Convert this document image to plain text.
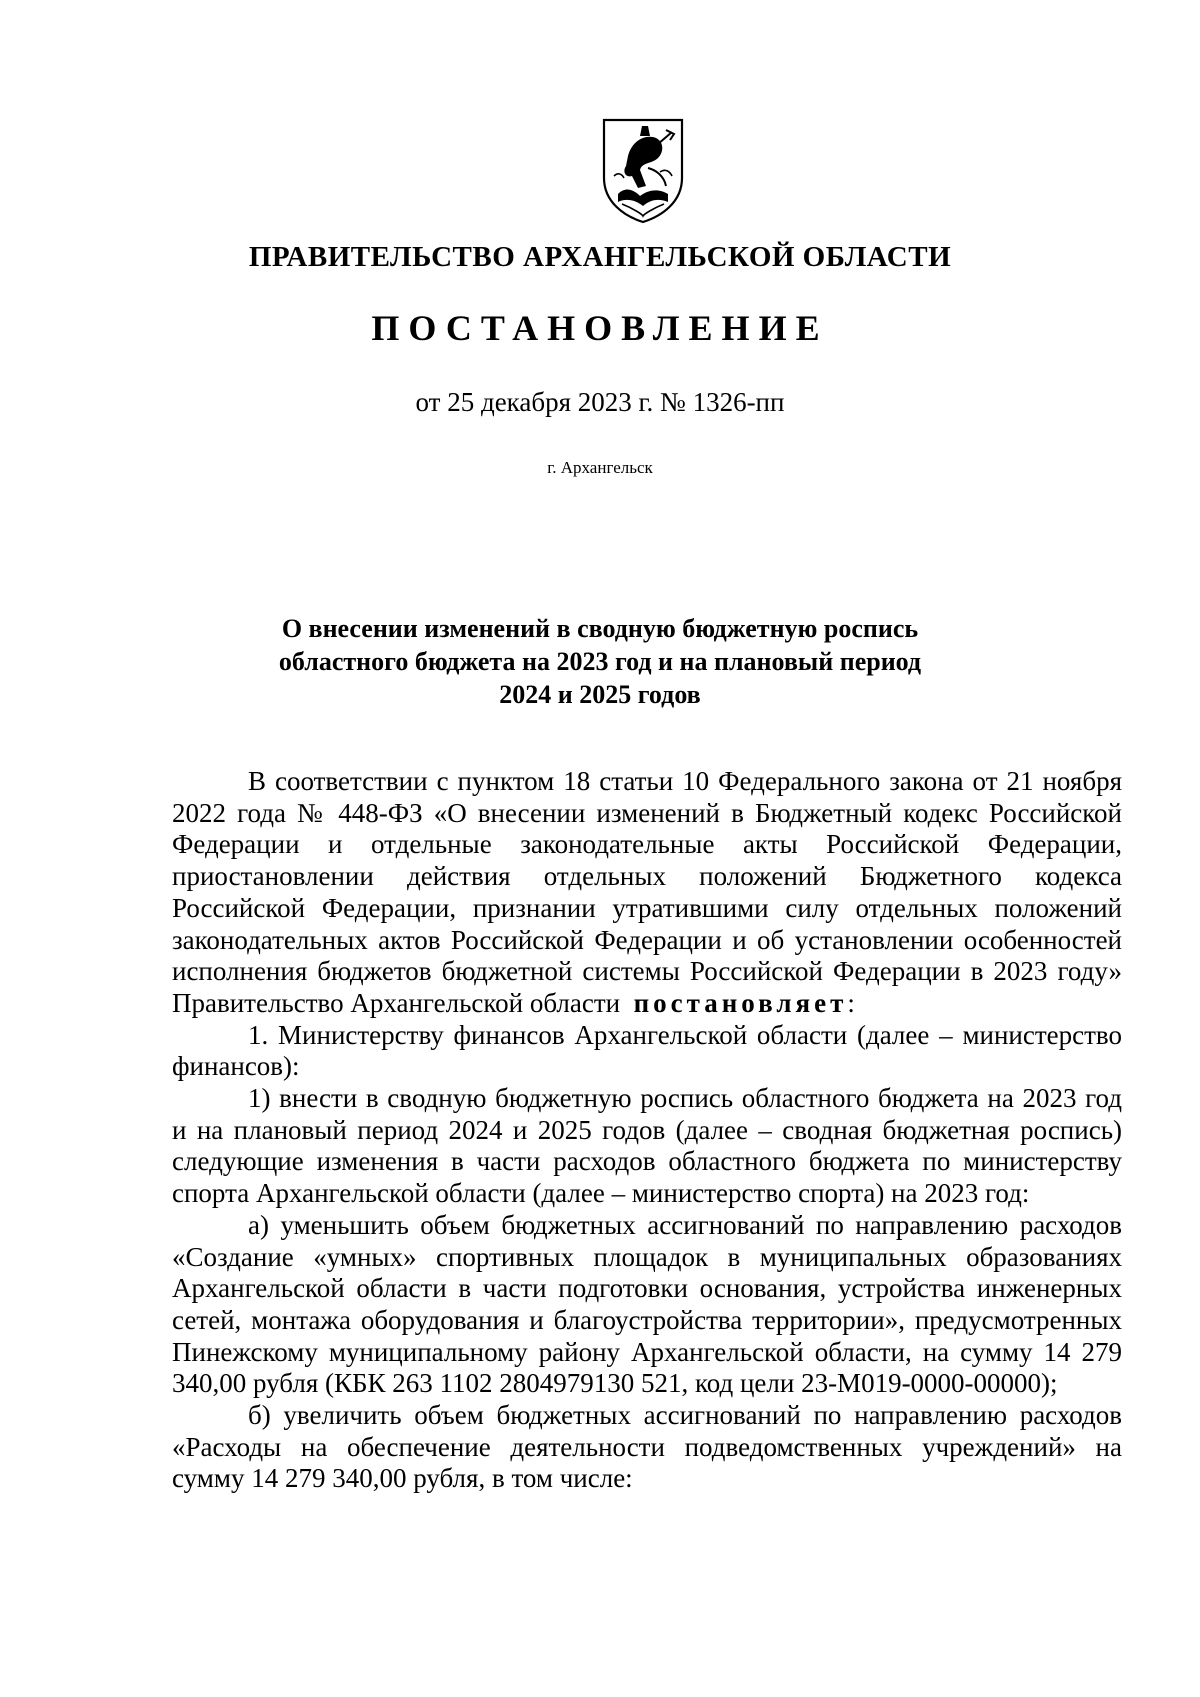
ПРАВИТЕЛЬСТВО АРХАНГЕЛЬСКОЙ ОБЛАСТИ
ПОСТАНОВЛЕНИЕ
от 25 декабря 2023 г. № 1326-пп
г. Архангельск
О внесении изменений в сводную бюджетную роспись
областного бюджета на 2023 год и на плановый период
2024 и 2025 годов

В соответствии с пунктом 18 статьи 10 Федерального закона от 21 ноября 2022 года № 448-ФЗ «О внесении изменений в Бюджетный кодекс Российской Федерации и отдельные законодательные акты Российской Федерации, приостановлении действия отдельных положений Бюджетного кодекса Российской Федерации, признании утратившими силу отдельных положений законодательных актов Российской Федерации и об установлении особенностей исполнения бюджетов бюджетной системы Российской Федерации в 2023 году» Правительство Архангельской области постановляет:

1. Министерству финансов Архангельской области (далее – министерство финансов):

1) внести в сводную бюджетную роспись областного бюджета на 2023 год и на плановый период 2024 и 2025 годов (далее – сводная бюджетная роспись) следующие изменения в части расходов областного бюджета по министерству спорта Архангельской области (далее – министерство спорта) на 2023 год:

а) уменьшить объем бюджетных ассигнований по направлению расходов «Создание «умных» спортивных площадок в муниципальных образованиях Архангельской области в части подготовки основания, устройства инженерных сетей, монтажа оборудования и благоустройства территории», предусмотренных Пинежскому муниципальному району Архангельской области, на сумму 14 279 340,00 рубля (КБК 263 1102 2804979130 521, код цели 23-М019-0000-00000);

б) увеличить объем бюджетных ассигнований по направлению расходов «Расходы на обеспечение деятельности подведомственных учреждений» на сумму 14 279 340,00 рубля, в том числе:
